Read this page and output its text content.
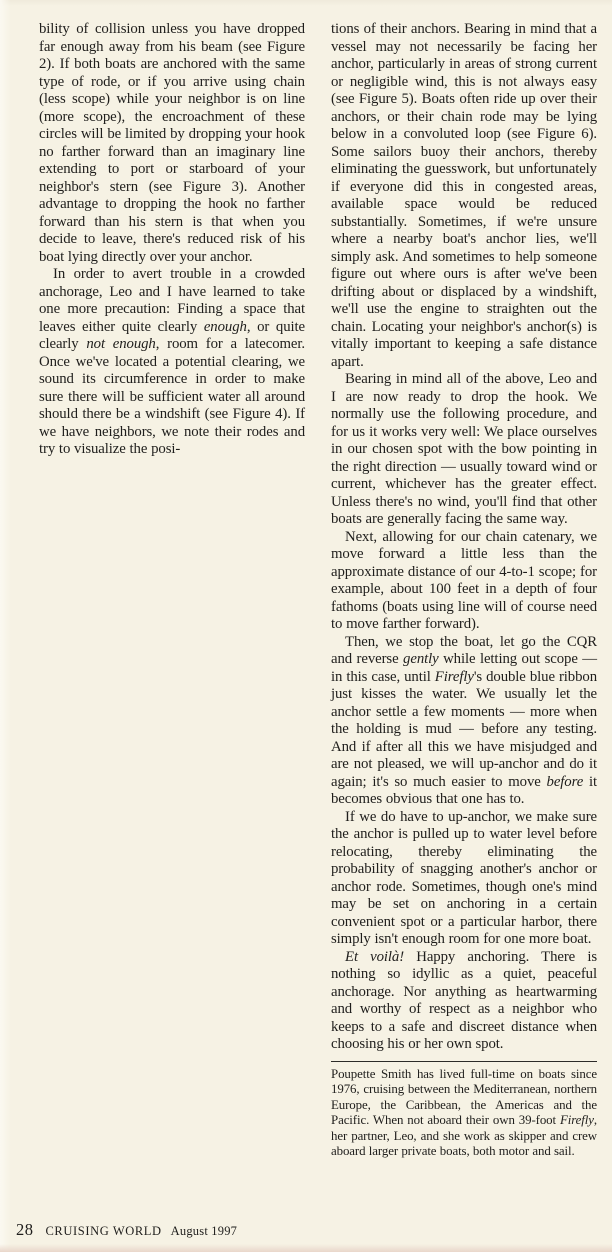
bility of collision unless you have dropped far enough away from his beam (see Figure 2). If both boats are anchored with the same type of rode, or if you arrive using chain (less scope) while your neighbor is on line (more scope), the encroachment of these circles will be limited by dropping your hook no farther forward than an imaginary line extending to port or starboard of your neighbor's stern (see Figure 3). Another advantage to dropping the hook no farther forward than his stern is that when you decide to leave, there's reduced risk of his boat lying directly over your anchor.

In order to avert trouble in a crowded anchorage, Leo and I have learned to take one more precaution: Finding a space that leaves either quite clearly enough, or quite clearly not enough, room for a latecomer. Once we've located a potential clearing, we sound its circumference in order to make sure there will be sufficient water all around should there be a windshift (see Figure 4). If we have neighbors, we note their rodes and try to visualize the posi-

tions of their anchors. Bearing in mind that a vessel may not necessarily be facing her anchor, particularly in areas of strong current or negligible wind, this is not always easy (see Figure 5). Boats often ride up over their anchors, or their chain rode may be lying below in a convoluted loop (see Figure 6). Some sailors buoy their anchors, thereby eliminating the guesswork, but unfortunately if everyone did this in congested areas, available space would be reduced substantially. Sometimes, if we're unsure where a nearby boat's anchor lies, we'll simply ask. And sometimes to help someone figure out where ours is after we've been drifting about or displaced by a windshift, we'll use the engine to straighten out the chain. Locating your neighbor's anchor(s) is vitally important to keeping a safe distance apart.

Bearing in mind all of the above, Leo and I are now ready to drop the hook. We normally use the following procedure, and for us it works very well: We place ourselves in our chosen spot with the bow pointing in the right direction — usually toward wind or current, whichever has the greater effect. Unless there's no wind, you'll find that other boats are generally facing the same way.

Next, allowing for our chain catenary, we move forward a little less than the approximate distance of our 4-to-1 scope; for example, about 100 feet in a depth of four fathoms (boats using line will of course need to move farther forward).

Then, we stop the boat, let go the CQR and reverse gently while letting out scope — in this case, until Firefly's double blue ribbon just kisses the water. We usually let the anchor settle a few moments — more when the holding is mud — before any testing. And if after all this we have misjudged and are not pleased, we will up-anchor and do it again; it's so much easier to move before it becomes obvious that one has to.

If we do have to up-anchor, we make sure the anchor is pulled up to water level before relocating, thereby eliminating the probability of snagging another's anchor or anchor rode. Sometimes, though one's mind may be set on anchoring in a certain convenient spot or a particular harbor, there simply isn't enough room for one more boat.

Et voilà! Happy anchoring. There is nothing so idyllic as a quiet, peaceful anchorage. Nor anything as heartwarming and worthy of respect as a neighbor who keeps to a safe and discreet distance when choosing his or her own spot.

Poupette Smith has lived full-time on boats since 1976, cruising between the Mediterranean, northern Europe, the Caribbean, the Americas and the Pacific. When not aboard their own 39-foot Firefly, her partner, Leo, and she work as skipper and crew aboard larger private boats, both motor and sail.

28 CRUISING WORLD August 1997
